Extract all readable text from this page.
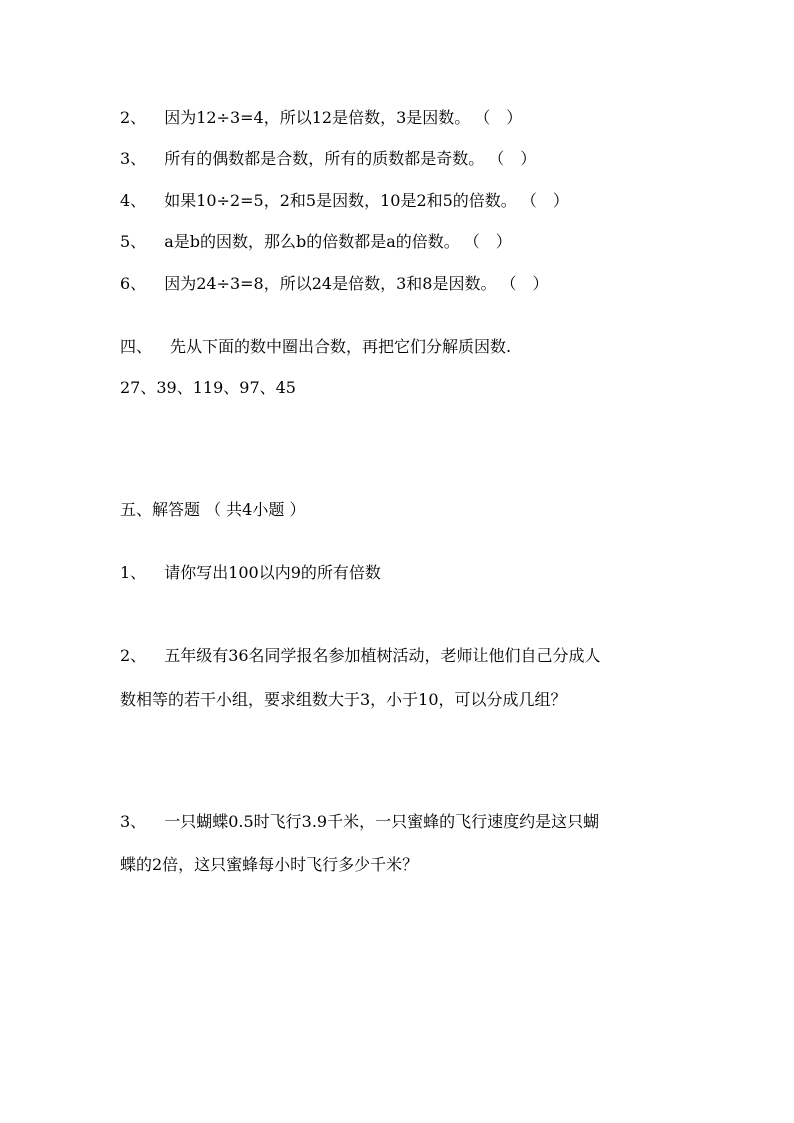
2、 因为12÷3=4，所以12是倍数，3是因数。 （　）
3、 所有的偶数都是合数，所有的质数都是奇数。 （　）
4、 如果10÷2=5，2和5是因数，10是2和5的倍数。 （　）
5、 a是b的因数，那么b的倍数都是a的倍数。 （　）
6、 因为24÷3=8，所以24是倍数，3和8是因数。 （　）
四、 先从下面的数中圈出合数，再把它们分解质因数.
27、39、119、97、45
五、解答题 （ 共4小题 ）
1、 请你写出100以内9的所有倍数
2、 五年级有36名同学报名参加植树活动，老师让他们自己分成人
数相等的若干小组，要求组数大于3，小于10，可以分成几组？
3、 一只蝴蝶0.5时飞行3.9千米，一只蜜蜂的飞行速度约是这只蝴
蝶的2倍，这只蜜蜂每小时飞行多少千米？
